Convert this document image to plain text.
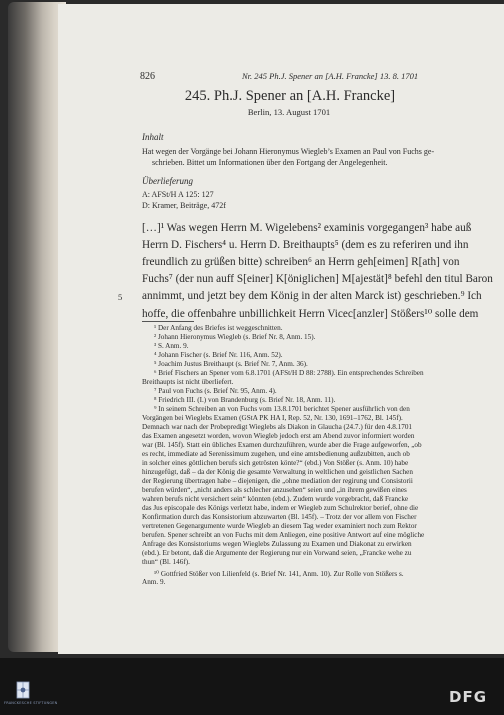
826	Nr. 245 Ph.J. Spener an [A.H. Francke] 13. 8. 1701
245. Ph.J. Spener an [A.H. Francke]
Berlin, 13. August 1701
Inhalt
Hat wegen der Vorgänge bei Johann Hieronymus Wiegleb’s Examen an Paul von Fuchs ge-
schrieben. Bittet um Informationen über den Fortgang der Angelegenheit.
Überlieferung
A: AFSt/H A 125: 127
D: Kramer, Beiträge, 472f
[…]¹ Was wegen Herrn M. Wigelebens² examinis vorgegangen³ habe auß
Herrn D. Fischers⁴ u. Herrn D. Breithaupts⁵ (dem es zu referiren und ihn
freundlich zu grüßen bitte) schreiben⁶ an Herrn geh[eimen] R[ath] von
Fuchs⁷ (der nun auff S[einer] K[öniglichen] M[ajestät]⁸ befehl den titul Baron
5 annimmt, und jetzt bey dem König in der alten Marck ist) geschrieben.⁹ Ich
hoffe, die offenbahre unbillichkeit Herrn Vicec[anzler] Stößers¹⁰ solle dem
¹ Der Anfang des Briefes ist weggeschnitten.
² Johann Hieronymus Wiegleb (s. Brief Nr. 8, Anm. 15).
³ S. Anm. 9.
⁴ Johann Fischer (s. Brief Nr. 116, Anm. 52).
⁵ Joachim Justus Breithaupt (s. Brief Nr. 7, Anm. 36).
⁶ Brief Fischers an Spener vom 6.8.1701 (AFSt/H D 88: 2788). Ein entsprechendes Schreiben
Breithaupts ist nicht überliefert.
⁷ Paul von Fuchs (s. Brief Nr. 95, Anm. 4).
⁸ Friedrich III. (I.) von Brandenburg (s. Brief Nr. 18, Anm. 11).
⁹ In seinem Schreiben an von Fuchs vom 13.8.1701 berichtet Spener ausführlich von den
Vorgängen bei Wieglebs Examen (GStA PK HA I, Rep. 52, Nr. 130, 1691–1762, Bl. 145f).
Demnach war nach der Probepredigt Wieglebs als Diakon in Glaucha (24.7.) für den 4.8.1701
das Examen angesetzt worden, wovon Wiegleb jedoch erst am Abend zuvor informiert worden
war (Bl. 145f). Statt ein übliches Examen durchzuführen, wurde aber die Frage aufgeworfen, „ob
es recht, immediate ad Serenissimum zugehen, und eine amtsbedienung außzubitten, auch ob
in solcher eines göttlichen berufs sich getrösten könte?“ (ebd.) Von Stößer (s. Anm. 10) habe
hinzugefügt, daß – da der König die gesamte Verwaltung in weltlichen und geistlichen Sachen
der Regierung übertragen habe – diejenigen, die „ohne mediation der regirung und Consistorii
berufen würden“, „nicht anders als schlecher anzusehen“ seien und „in ihrem gewißen eines
wahren berufs nicht versichert sein“ könnten (ebd.). Zudem wurde vorgebracht, daß Francke
das Jus episcopale des Königs verletzt habe, indem er Wiegleb zum Schulrektor berief, ohne die
Konfirmation durch das Konsistorium abzuwarten (Bl. 145f). – Trotz der vor allem von Fischer
vertretenen Gegenargumente wurde Wiegleb an diesem Tag weder examiniert noch zum Rektor
berufen. Spener schreibt an von Fuchs mit dem Anliegen, eine positive Antwort auf eine mögliche
Anfrage des Konsistoriums wegen Wieglebs Zulassung zu Examen und Diakonat zu erwirken
(ebd.). Er betont, daß die Argumente der Regierung nur ein Vorwand seien, „Francke wehe zu
thun“ (Bl. 146f).
¹⁰ Gottfried Stößer von Lilienfeld (s. Brief Nr. 141, Anm. 10). Zur Rolle von Stößers s.
Anm. 9.
FRANCKESCHE STIFTUNGEN	DFG
